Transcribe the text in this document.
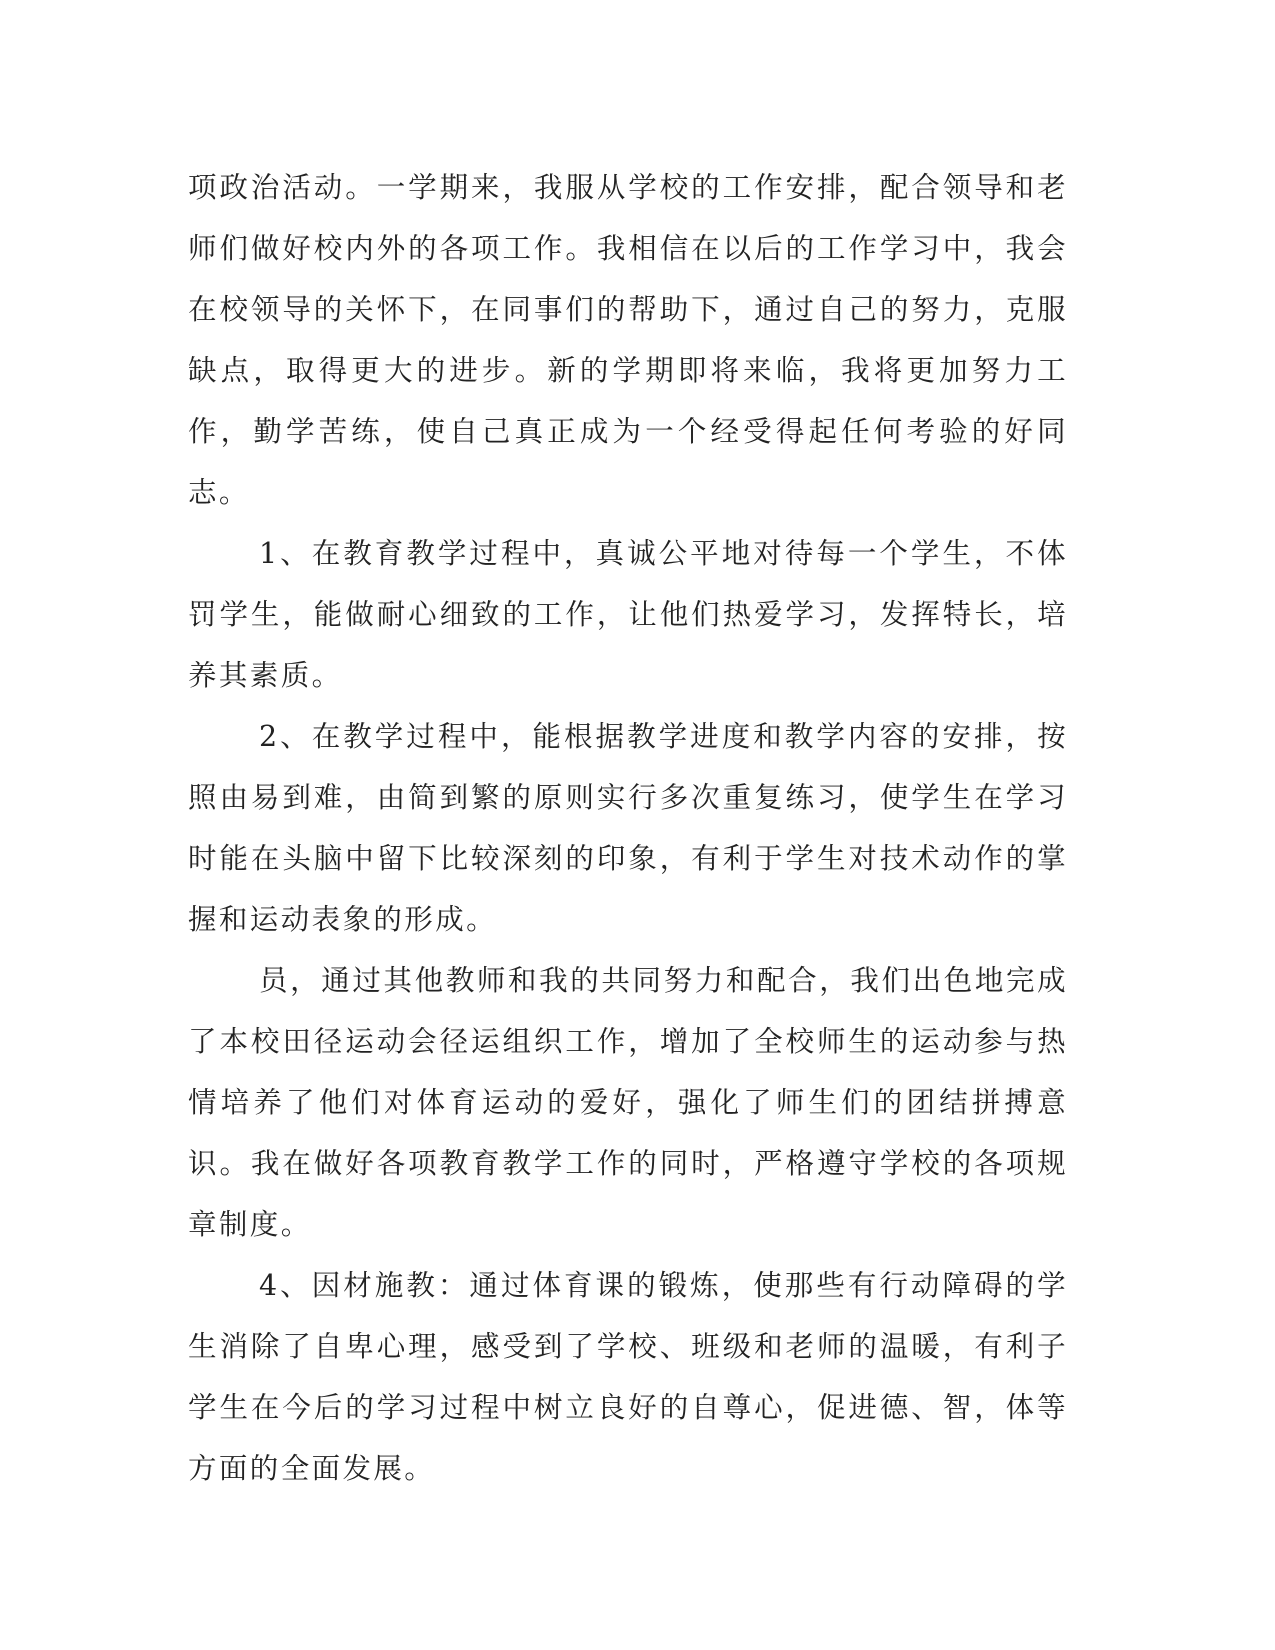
项政治活动。一学期来，我服从学校的工作安排，配合领导和老师们做好校内外的各项工作。我相信在以后的工作学习中，我会在校领导的关怀下，在同事们的帮助下，通过自己的努力，克服缺点，取得更大的进步。新的学期即将来临，我将更加努力工作，勤学苦练，使自己真正成为一个经受得起任何考验的好同志。

1、在教育教学过程中，真诚公平地对待每一个学生，不体罚学生，能做耐心细致的工作，让他们热爱学习，发挥特长，培养其素质。

2、在教学过程中，能根据教学进度和教学内容的安排，按照由易到难，由简到繁的原则实行多次重复练习，使学生在学习时能在头脑中留下比较深刻的印象，有利于学生对技术动作的掌握和运动表象的形成。

员，通过其他教师和我的共同努力和配合，我们出色地完成了本校田径运动会径运组织工作，增加了全校师生的运动参与热情培养了他们对体育运动的爱好，强化了师生们的团结拼搏意识。我在做好各项教育教学工作的同时，严格遵守学校的各项规章制度。

4、因材施教：通过体育课的锻炼，使那些有行动障碍的学生消除了自卑心理，感受到了学校、班级和老师的温暖，有利子学生在今后的学习过程中树立良好的自尊心，促进德、智，体等方面的全面发展。
